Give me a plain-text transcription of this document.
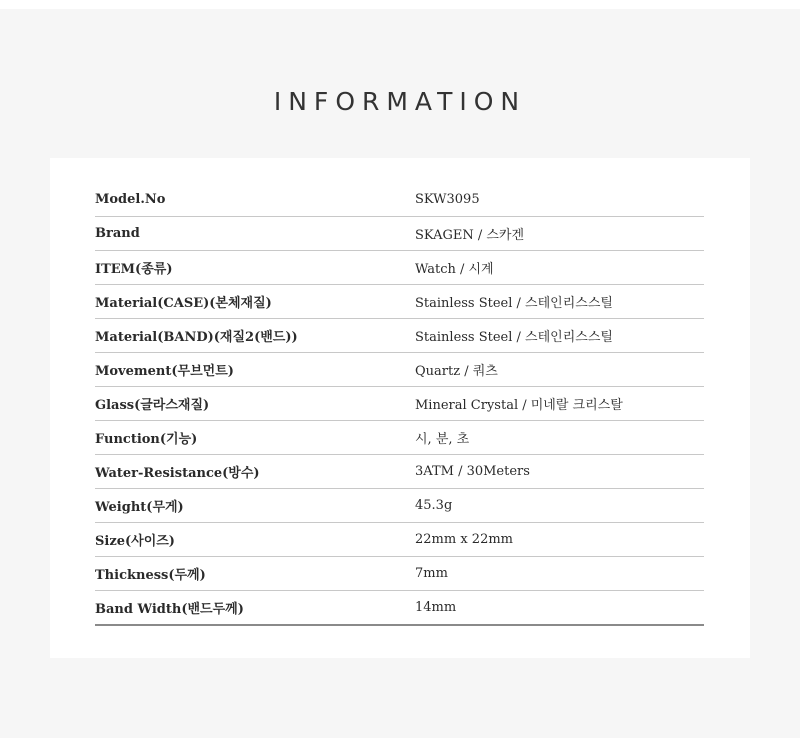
INFORMATION
Model.No	SKW3095
Brand	SKAGEN / 스카겐
ITEM(종류)	Watch / 시계
Material(CASE)(본체재질)	Stainless Steel / 스테인리스스틸
Material(BAND)(재질2(밴드))	Stainless Steel / 스테인리스스틸
Movement(무브먼트)	Quartz / 쿼츠
Glass(글라스재질)	Mineral Crystal / 미네랄 크리스탈
Function(기능)	시, 분, 초
Water-Resistance(방수)	3ATM / 30Meters
Weight(무게)	45.3g
Size(사이즈)	22mm x 22mm
Thickness(두께)	7mm
Band Width(밴드두께)	14mm
